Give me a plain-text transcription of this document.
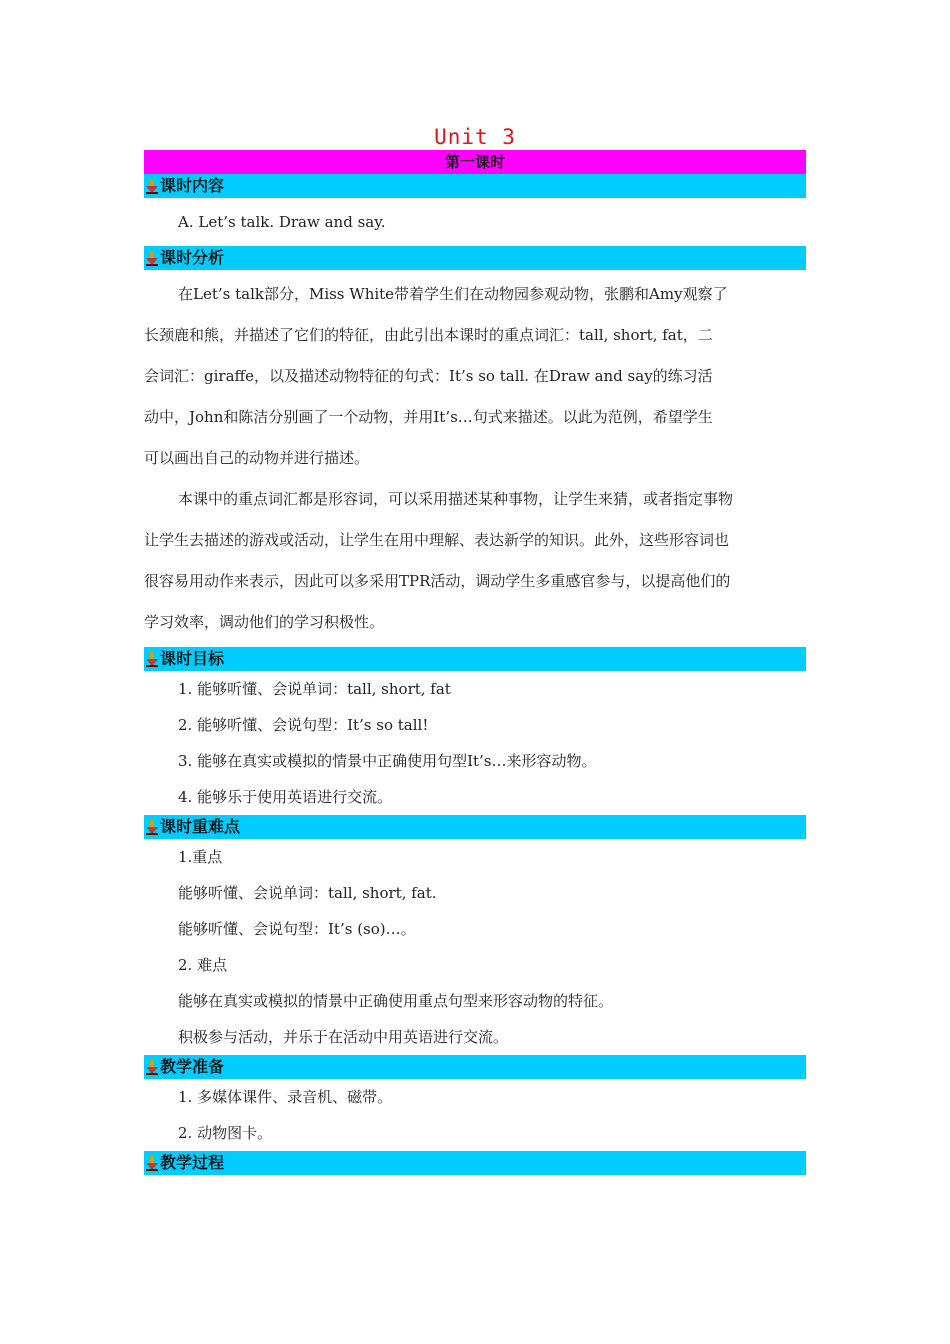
Unit 3
第一课时
课时内容
A. Let’s talk. Draw and say.
课时分析
在Let’s talk部分，Miss White带着学生们在动物园参观动物，张鹏和Amy观察了
长颈鹿和熊，并描述了它们的特征，由此引出本课时的重点词汇：tall, short, fat，二
会词汇：giraffe，以及描述动物特征的句式：It’s so tall. 在Draw and say的练习活
动中，John和陈洁分别画了一个动物，并用It’s…句式来描述。以此为范例，希望学生
可以画出自己的动物并进行描述。
本课中的重点词汇都是形容词，可以采用描述某种事物，让学生来猜，或者指定事物
让学生去描述的游戏或活动，让学生在用中理解、表达新学的知识。此外，这些形容词也
很容易用动作来表示，因此可以多采用TPR活动，调动学生多重感官参与，以提高他们的
学习效率，调动他们的学习积极性。
课时目标
1. 能够听懂、会说单词：tall, short, fat
2. 能够听懂、会说句型：It’s so tall!
3. 能够在真实或模拟的情景中正确使用句型It’s…来形容动物。
4. 能够乐于使用英语进行交流。
课时重难点
1.重点
能够听懂、会说单词：tall, short, fat.
能够听懂、会说句型：It’s (so)…。
2. 难点
能够在真实或模拟的情景中正确使用重点句型来形容动物的特征。
积极参与活动，并乐于在活动中用英语进行交流。
教学准备
1. 多媒体课件、录音机、磁带。
2. 动物图卡。
教学过程
